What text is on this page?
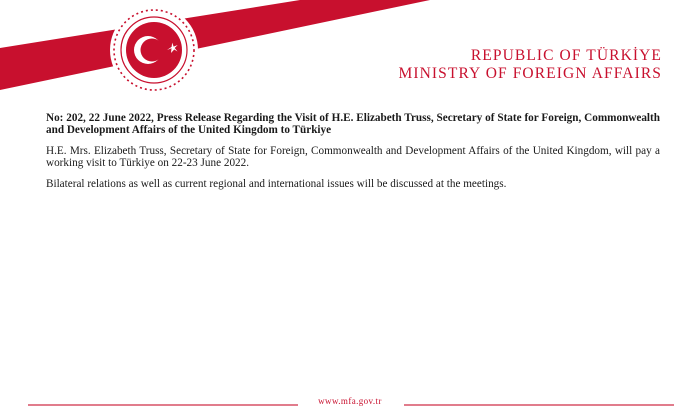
REPUBLIC OF TÜRKİYE
MINISTRY OF FOREIGN AFFAIRS

No: 202, 22 June 2022, Press Release Regarding the Visit of H.E. Elizabeth Truss, Secretary of State for Foreign, Commonwealth and Development Affairs of the United Kingdom to Türkiye

H.E. Mrs. Elizabeth Truss, Secretary of State for Foreign, Commonwealth and Development Affairs of the United Kingdom, will pay a working visit to Türkiye on 22-23 June 2022.

Bilateral relations as well as current regional and international issues will be discussed at the meetings.

www.mfa.gov.tr
